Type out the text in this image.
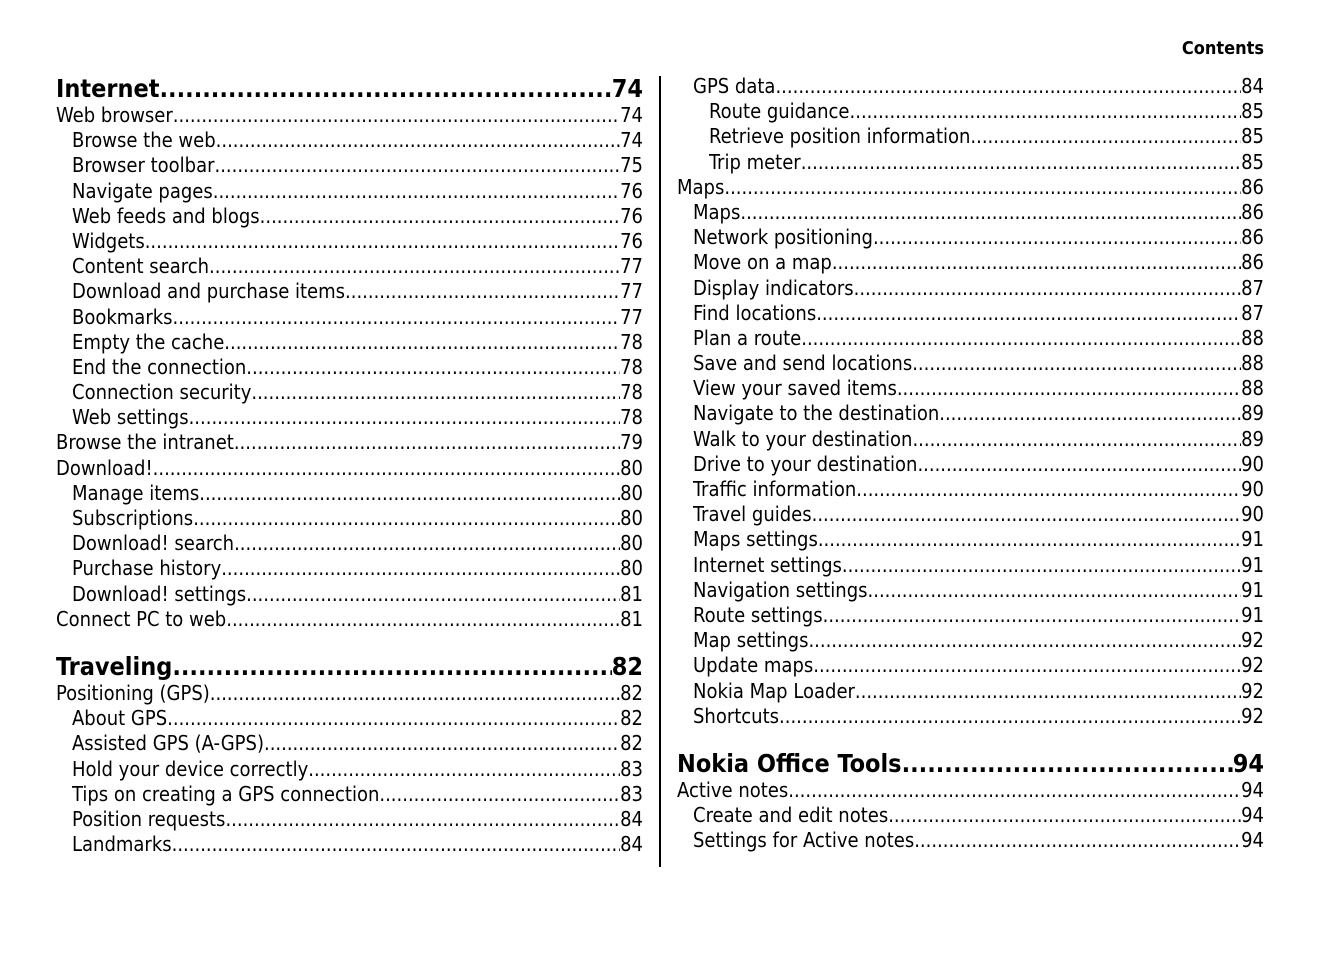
Contents
Internet .....	74
Web browser .....	74
Browse the web .....	74
Browser toolbar .....	75
Navigate pages .....	76
Web feeds and blogs .....	76
Widgets .....	76
Content search .....	77
Download and purchase items .....	77
Bookmarks .....	77
Empty the cache .....	78
End the connection .....	78
Connection security .....	78
Web settings .....	78
Browse the intranet .....	79
Download! .....	80
Manage items .....	80
Subscriptions .....	80
Download! search .....	80
Purchase history .....	80
Download! settings .....	81
Connect PC to web .....	81
Traveling .....	82
Positioning (GPS) .....	82
About GPS .....	82
Assisted GPS (A-GPS) .....	82
Hold your device correctly .....	83
Tips on creating a GPS connection .....	83
Position requests .....	84
Landmarks .....	84
GPS data .....	84
Route guidance .....	85
Retrieve position information .....	85
Trip meter .....	85
Maps .....	86
Maps .....	86
Network positioning .....	86
Move on a map .....	86
Display indicators .....	87
Find locations .....	87
Plan a route .....	88
Save and send locations .....	88
View your saved items .....	88
Navigate to the destination .....	89
Walk to your destination .....	89
Drive to your destination .....	90
Traffic information .....	90
Travel guides .....	90
Maps settings .....	91
Internet settings .....	91
Navigation settings .....	91
Route settings .....	91
Map settings .....	92
Update maps .....	92
Nokia Map Loader .....	92
Shortcuts .....	92
Nokia Office Tools .....	94
Active notes .....	94
Create and edit notes .....	94
Settings for Active notes .....	94
